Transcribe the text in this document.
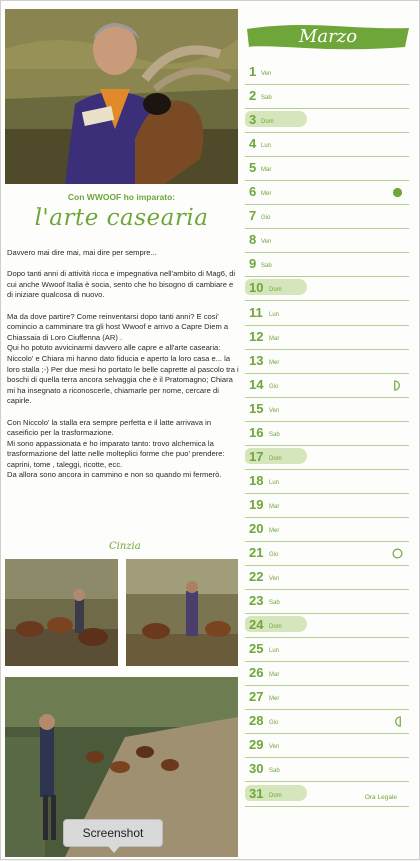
Con WWOOF ho imparato:
l'arte casearia

Davvero mai dire mai, mai dire per sempre...

Dopo tanti anni di attività ricca e impegnativa nell'ambito di Mag6, di cui anche Wwoof Italia è socia, sento che ho bisogno di cambiare e di iniziare qualcosa di nuovo.

Ma da dove partire? Come reinventarsi dopo tanti anni? E cosi' comincio a camminare tra gli host Wwoof e arrivo a Capre Diem a Chiassaia di Loro Ciuffenna (AR) .

Qui ho potuto avvicinarmi davvero alle capre e all'arte casearia: Niccolo' e Chiara mi hanno dato fiducia e aperto la loro casa e... la loro stalla ;-) Per due mesi ho portato le belle caprette al pascolo tra i boschi di quella terra ancora selvaggia che è il Pratomagno; Chiara mi ha insegnato a riconoscerle, chiamarle per nome, cercare di capirle.

Con Niccolo' la stalla era sempre perfetta e il latte arrivava in caseificio per la trasformazione.

Mi sono appassionata e ho imparato tanto: trovo alchemica la trasformazione del latte nelle molteplici forme che puo' prendere: caprini, tome , taleggi, ricotte, ecc.

Da allora sono ancora in cammino e non so quando mi fermerò.

Cinzia
Marzo
1 Ven
2 Sab
3 Dom
4 Lun
5 Mar
6 Mer
7 Gio
8 Ven
9 Sab
10 Dom
11 Lun
12 Mar
13 Mer
14 Gio
15 Ven
16 Sab
17 Dom
18 Lun
19 Mar
20 Mer
21 Gio
22 Ven
23 Sab
24 Dom
25 Lun
26 Mar
27 Mer
28 Gio
29 Ven
30 Sab
31 Dom	Ora Legale
Screenshot
